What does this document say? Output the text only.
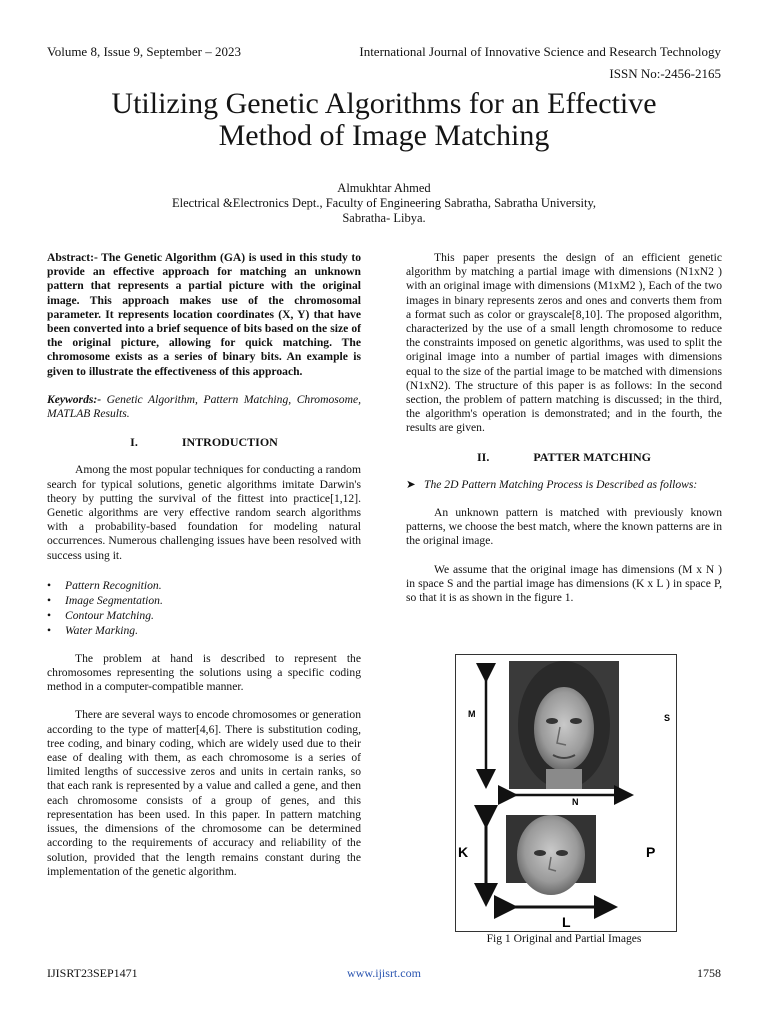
Volume 8, Issue 9, September – 2023	International Journal of Innovative Science and Research Technology
ISSN No:-2456-2165
Utilizing Genetic Algorithms for an Effective
Method of Image Matching
Almukhtar Ahmed
Electrical &Electronics Dept., Faculty of Engineering Sabratha, Sabratha University,
Sabratha- Libya.

Abstract:- The Genetic Algorithm (GA) is used in this study to provide an effective approach for matching an unknown pattern that represents a partial picture with the original image. This approach makes use of the chromosomal parameter. It represents location coordinates (X, Y) that have been converted into a brief sequence of bits based on the size of the original picture, allowing for quick matching. The chromosome exists as a series of binary bits. An example is given to illustrate the effectiveness of this approach.

Keywords:- Genetic Algorithm, Pattern Matching, Chromosome, MATLAB Results.

I.	INTRODUCTION

Among the most popular techniques for conducting a random search for typical solutions, genetic algorithms imitate Darwin's theory by putting the survival of the fittest into practice[1,12]. Genetic algorithms are very effective random search algorithms with a probability-based foundation for modeling natural occurrences. Numerous challenging issues have been resolved with success using it.

• Pattern Recognition.
• Image Segmentation.
• Contour Matching.
• Water Marking.

The problem at hand is described to represent the chromosomes representing the solutions using a specific coding method in a computer-compatible manner.

There are several ways to encode chromosomes or generation according to the type of matter[4,6]. There is substitution coding, tree coding, and binary coding, which are widely used due to their ease of dealing with them, as each chromosome is a series of limited lengths of successive zeros and units in certain ranks, so that each rank is represented by a value and called a gene, and then each chromosome consists of a group of genes, and this representation has been used. In this paper. In pattern matching issues, the dimensions of the chromosome can be determined according to the requirements of accuracy and reliability of the solution, provided that the length remains constant during the implementation of the genetic algorithm.

This paper presents the design of an efficient genetic algorithm by matching a partial image with dimensions (N1xN2 ) with an original image with dimensions (M1xM2 ), Each of the two images in binary represents zeros and ones and converts them from a format such as color or grayscale[8,10]. The proposed algorithm, characterized by the use of a small length chromosome to reduce the constraints imposed on genetic algorithms, was used to split the original image into a number of partial images with dimensions equal to the size of the partial image to be matched with dimensions (N1xN2). The structure of this paper is as follows: In the second section, the problem of pattern matching is discussed; in the third, the algorithm's operation is demonstrated; and in the fourth, the results are given.

II.	PATTER MATCHING

➤ The 2D Pattern Matching Process is Described as follows:

An unknown pattern is matched with previously known patterns, we choose the best match, where the known patterns are in the original image.

We assume that the original image has dimensions (M x N ) in space S and the partial image has dimensions (K x L ) in space P, so that it is as shown in the figure 1.

M	S
N
K	P
L
Fig 1 Original and Partial Images
IJISRT23SEP1471	www.ijisrt.com	1758
